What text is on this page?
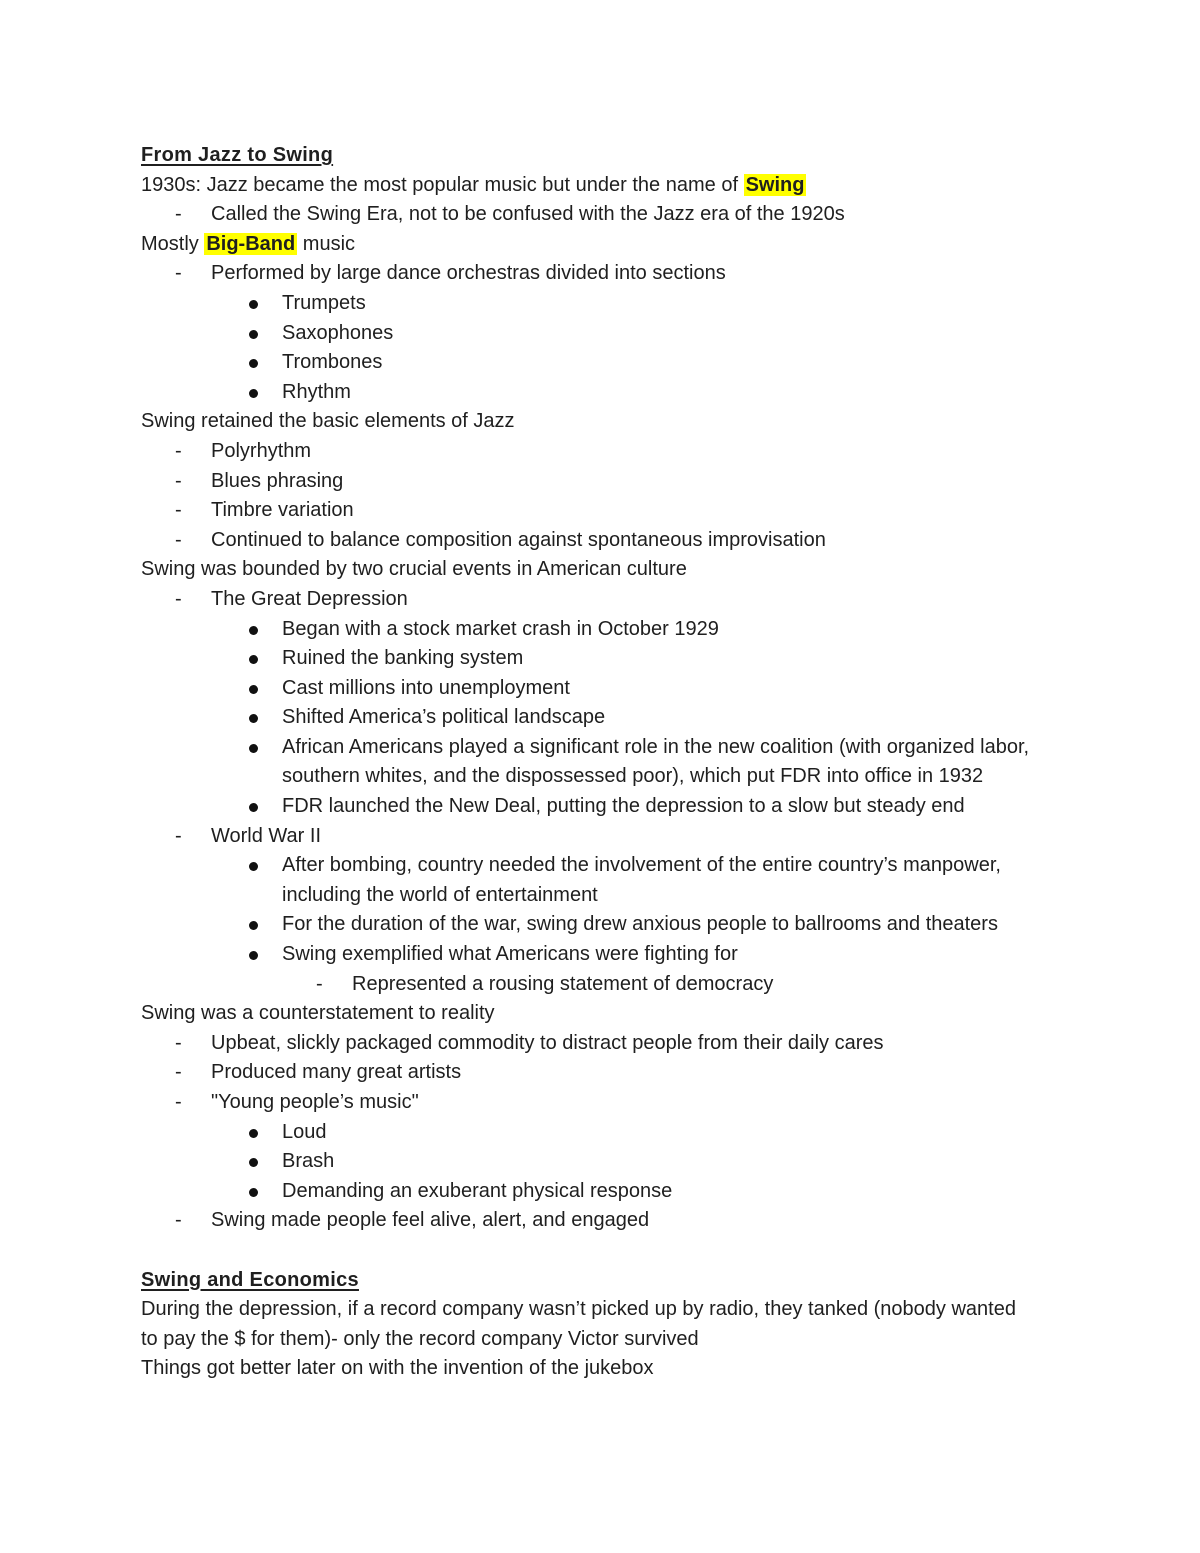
From Jazz to Swing
1930s: Jazz became the most popular music but under the name of Swing
- Called the Swing Era, not to be confused with the Jazz era of the 1920s
Mostly Big-Band music
- Performed by large dance orchestras divided into sections
Trumpets
Saxophones
Trombones
Rhythm
Swing retained the basic elements of Jazz
- Polyrhythm
- Blues phrasing
- Timbre variation
- Continued to balance composition against spontaneous improvisation
Swing was bounded by two crucial events in American culture
- The Great Depression
Began with a stock market crash in October 1929
Ruined the banking system
Cast millions into unemployment
Shifted America’s political landscape
African Americans played a significant role in the new coalition (with organized labor, southern whites, and the dispossessed poor), which put FDR into office in 1932
FDR launched the New Deal, putting the depression to a slow but steady end
- World War II
After bombing, country needed the involvement of the entire country’s manpower, including the world of entertainment
For the duration of the war, swing drew anxious people to ballrooms and theaters
Swing exemplified what Americans were fighting for
- Represented a rousing statement of democracy
Swing was a counterstatement to reality
- Upbeat, slickly packaged commodity to distract people from their daily cares
- Produced many great artists
- "Young people’s music"
Loud
Brash
Demanding an exuberant physical response
- Swing made people feel alive, alert, and engaged
Swing and Economics
During the depression, if a record company wasn’t picked up by radio, they tanked (nobody wanted to pay the $ for them)- only the record company Victor survived
Things got better later on with the invention of the jukebox
